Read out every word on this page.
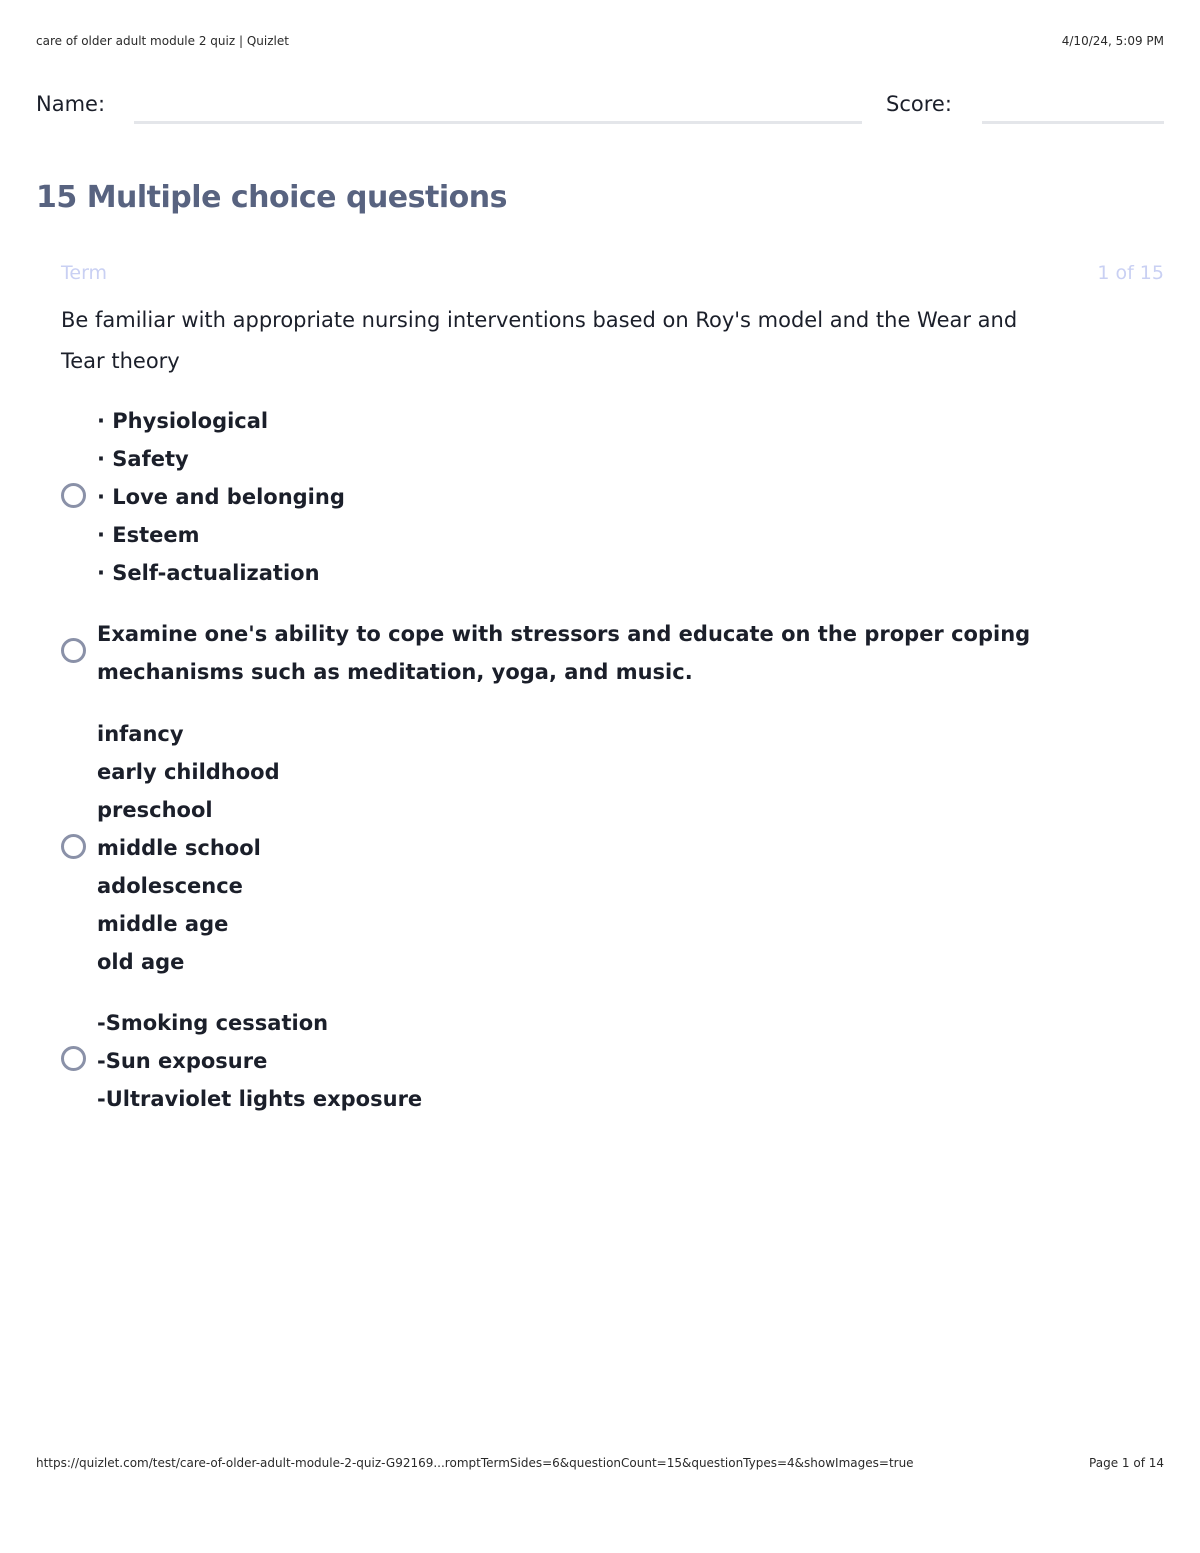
care of older adult module 2 quiz | Quizlet	4/10/24, 5:09 PM
Name:	Score:
15 Multiple choice questions
Term	1 of 15
Be familiar with appropriate nursing interventions based on Roy's model and the Wear and
Tear theory
· Physiological
· Safety
· Love and belonging
· Esteem
· Self-actualization
Examine one's ability to cope with stressors and educate on the proper coping
mechanisms such as meditation, yoga, and music.
infancy
early childhood
preschool
middle school
adolescence
middle age
old age
-Smoking cessation
-Sun exposure
-Ultraviolet lights exposure
https://quizlet.com/test/care-of-older-adult-module-2-quiz-G92169...romptTermSides=6&questionCount=15&questionTypes=4&showImages=true	Page 1 of 14
